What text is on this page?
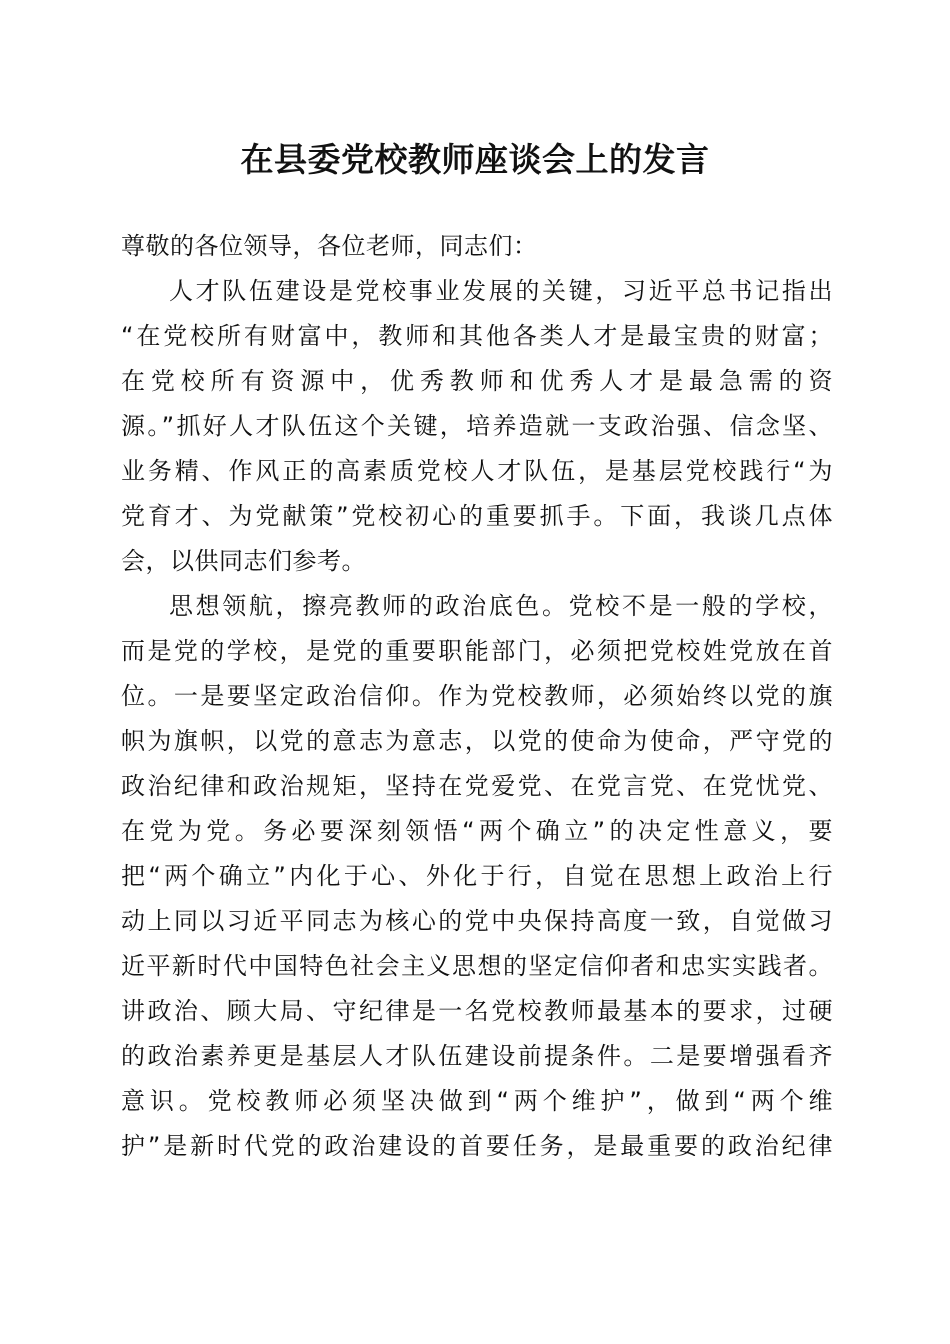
在县委党校教师座谈会上的发言
尊敬的各位领导，各位老师，同志们：
人才队伍建设是党校事业发展的关键，习近平总书记指出
“在党校所有财富中，教师和其他各类人才是最宝贵的财富；
在党校所有资源中，优秀教师和优秀人才是最急需的资
源。”抓好人才队伍这个关键，培养造就一支政治强、信念坚、
业务精、作风正的高素质党校人才队伍，是基层党校践行“为
党育才、为党献策”党校初心的重要抓手。下面，我谈几点体
会，以供同志们参考。
思想领航，擦亮教师的政治底色。党校不是一般的学校，
而是党的学校，是党的重要职能部门，必须把党校姓党放在首
位。一是要坚定政治信仰。作为党校教师，必须始终以党的旗
帜为旗帜，以党的意志为意志，以党的使命为使命，严守党的
政治纪律和政治规矩，坚持在党爱党、在党言党、在党忧党、
在党为党。务必要深刻领悟“两个确立”的决定性意义，要
把“两个确立”内化于心、外化于行，自觉在思想上政治上行
动上同以习近平同志为核心的党中央保持高度一致，自觉做习
近平新时代中国特色社会主义思想的坚定信仰者和忠实实践者。
讲政治、顾大局、守纪律是一名党校教师最基本的要求，过硬
的政治素养更是基层人才队伍建设前提条件。二是要增强看齐
意识。党校教师必须坚决做到“两个维护”，做到“两个维
护”是新时代党的政治建设的首要任务，是最重要的政治纪律
